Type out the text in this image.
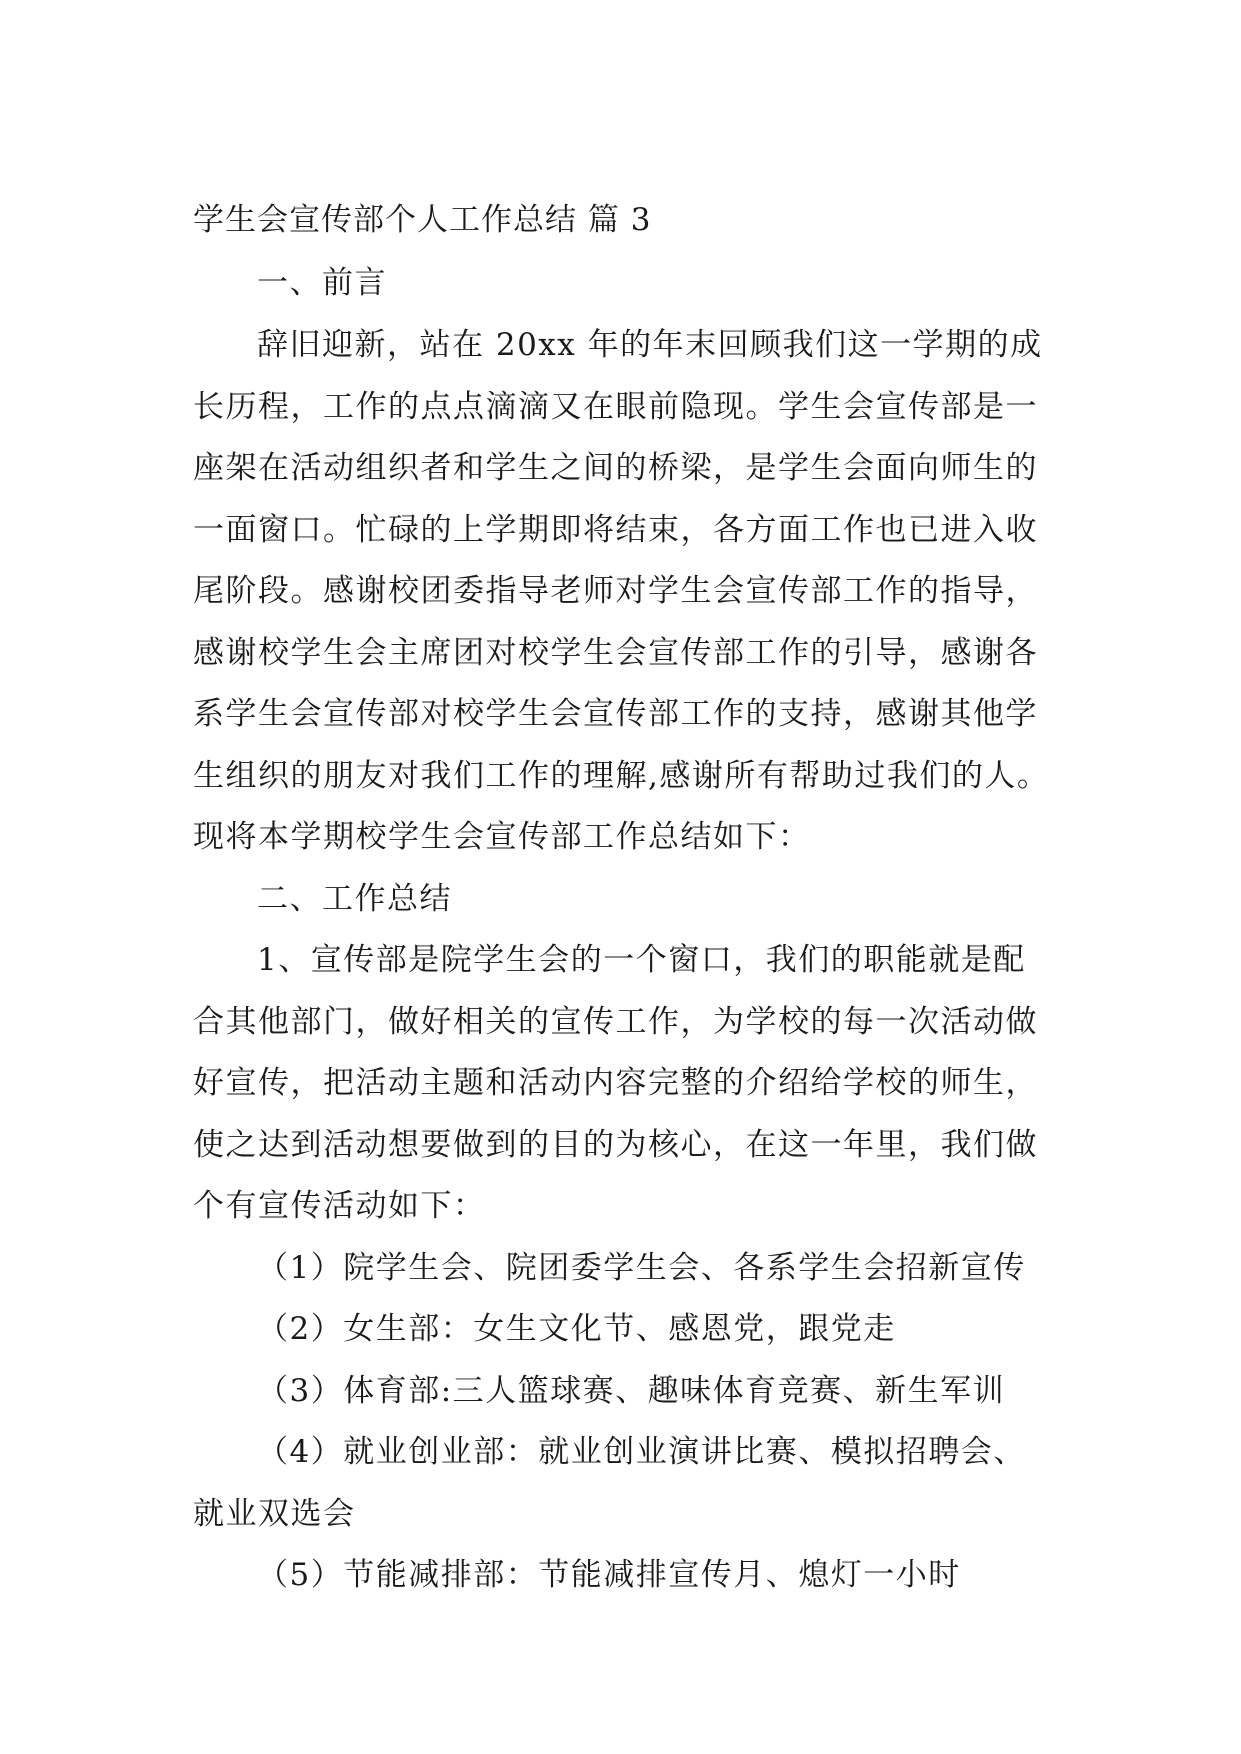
学生会宣传部个人工作总结 篇 3
一、前言
辞旧迎新，站在 20xx 年的年末回顾我们这一学期的成
长历程，工作的点点滴滴又在眼前隐现。学生会宣传部是一
座架在活动组织者和学生之间的桥梁，是学生会面向师生的
一面窗口。忙碌的上学期即将结束，各方面工作也已进入收
尾阶段。感谢校团委指导老师对学生会宣传部工作的指导，
感谢校学生会主席团对校学生会宣传部工作的引导，感谢各
系学生会宣传部对校学生会宣传部工作的支持，感谢其他学
生组织的朋友对我们工作的理解,感谢所有帮助过我们的人。
现将本学期校学生会宣传部工作总结如下：
二、工作总结
1、宣传部是院学生会的一个窗口，我们的职能就是配
合其他部门，做好相关的宣传工作，为学校的每一次活动做
好宣传，把活动主题和活动内容完整的介绍给学校的师生，
使之达到活动想要做到的目的为核心，在这一年里，我们做
个有宣传活动如下：
（1）院学生会、院团委学生会、各系学生会招新宣传
（2）女生部：女生文化节、感恩党，跟党走
（3）体育部:三人篮球赛、趣味体育竞赛、新生军训
（4）就业创业部：就业创业演讲比赛、模拟招聘会、
就业双选会
（5）节能减排部：节能减排宣传月、熄灯一小时
